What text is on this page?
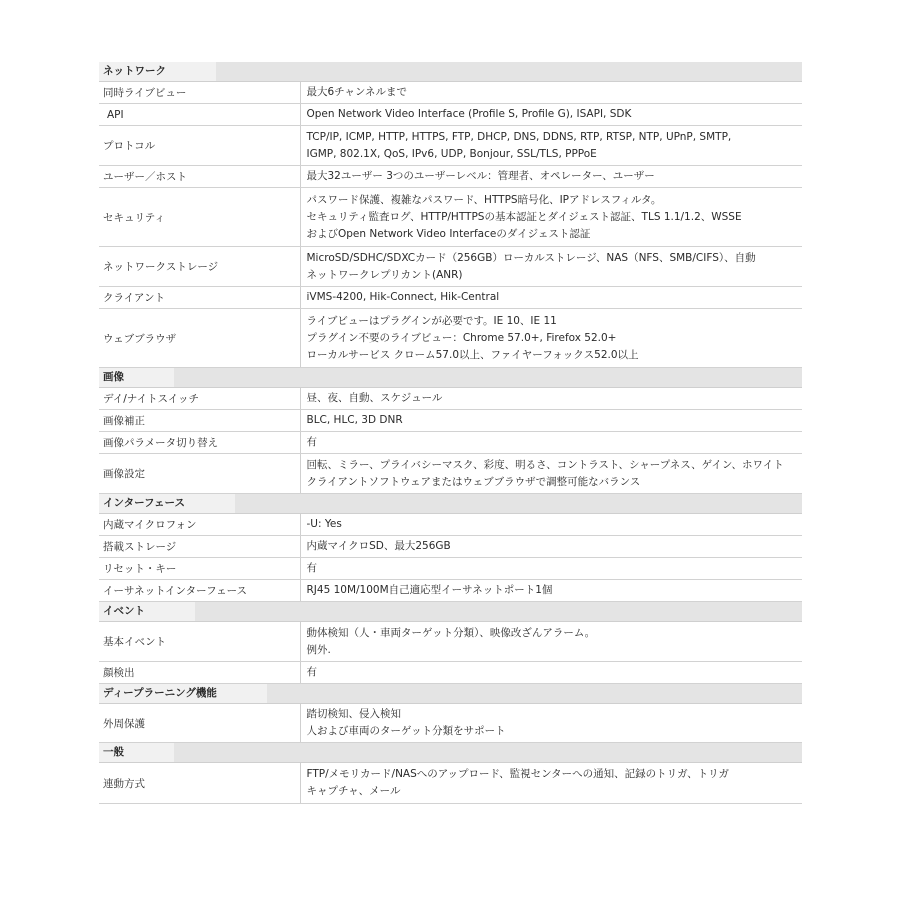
ネットワーク	
同時ライブビュー	最大6チャンネルまで

API	Open Network Video Interface (Profile S, Profile G), ISAPI, SDK

プロトコル	TCP/IP, ICMP, HTTP, HTTPS, FTP, DHCP, DNS, DDNS, RTP, RTSP, NTP, UPnP, SMTP,
IGMP, 802.1X, QoS, IPv6, UDP, Bonjour, SSL/TLS, PPPoE

ユーザー／ホスト	最大32ユーザー 3つのユーザーレベル：管理者、オペレーター、ユーザー

セキュリティ	パスワード保護、複雑なパスワード、HTTPS暗号化、IPアドレスフィルタ。
セキュリティ監査ログ、HTTP/HTTPSの基本認証とダイジェスト認証、TLS 1.1/1.2、WSSE
およびOpen Network Video Interfaceのダイジェスト認証

ネットワークストレージ	MicroSD/SDHC/SDXCカード（256GB）ローカルストレージ、NAS（NFS、SMB/CIFS）、自動
ネットワークレプリカント(ANR)

クライアント	iVMS-4200, Hik-Connect, Hik-Central

ウェブブラウザ	ライブビューはプラグインが必要です。IE 10、IE 11
プラグイン不要のライブビュー：Chrome 57.0+, Firefox 52.0+
ローカルサービス クローム57.0以上、ファイヤーフォックス52.0以上

画像	
デイ/ナイトスイッチ	昼、夜、自動、スケジュール

画像補正	BLC, HLC, 3D DNR

画像パラメータ切り替え	有

画像設定	回転、ミラー、プライバシーマスク、彩度、明るさ、コントラスト、シャープネス、ゲイン、ホワイト
クライアントソフトウェアまたはウェブブラウザで調整可能なバランス

インターフェース	
内蔵マイクロフォン	-U: Yes

搭載ストレージ	内蔵マイクロSD、最大256GB

リセット・キー	有

イーサネットインターフェース	RJ45 10M/100M自己適応型イーサネットポート1個

イベント	
基本イベント	動体検知（人・車両ターゲット分類）、映像改ざんアラーム。
例外.

顔検出	有

ディープラーニング機能	
外周保護	踏切検知、侵入検知
人および車両のターゲット分類をサポート

一般	
連動方式	FTP/メモリカード/NASへのアップロード、監視センターへの通知、記録のトリガ、トリガ
キャプチャ、メール
